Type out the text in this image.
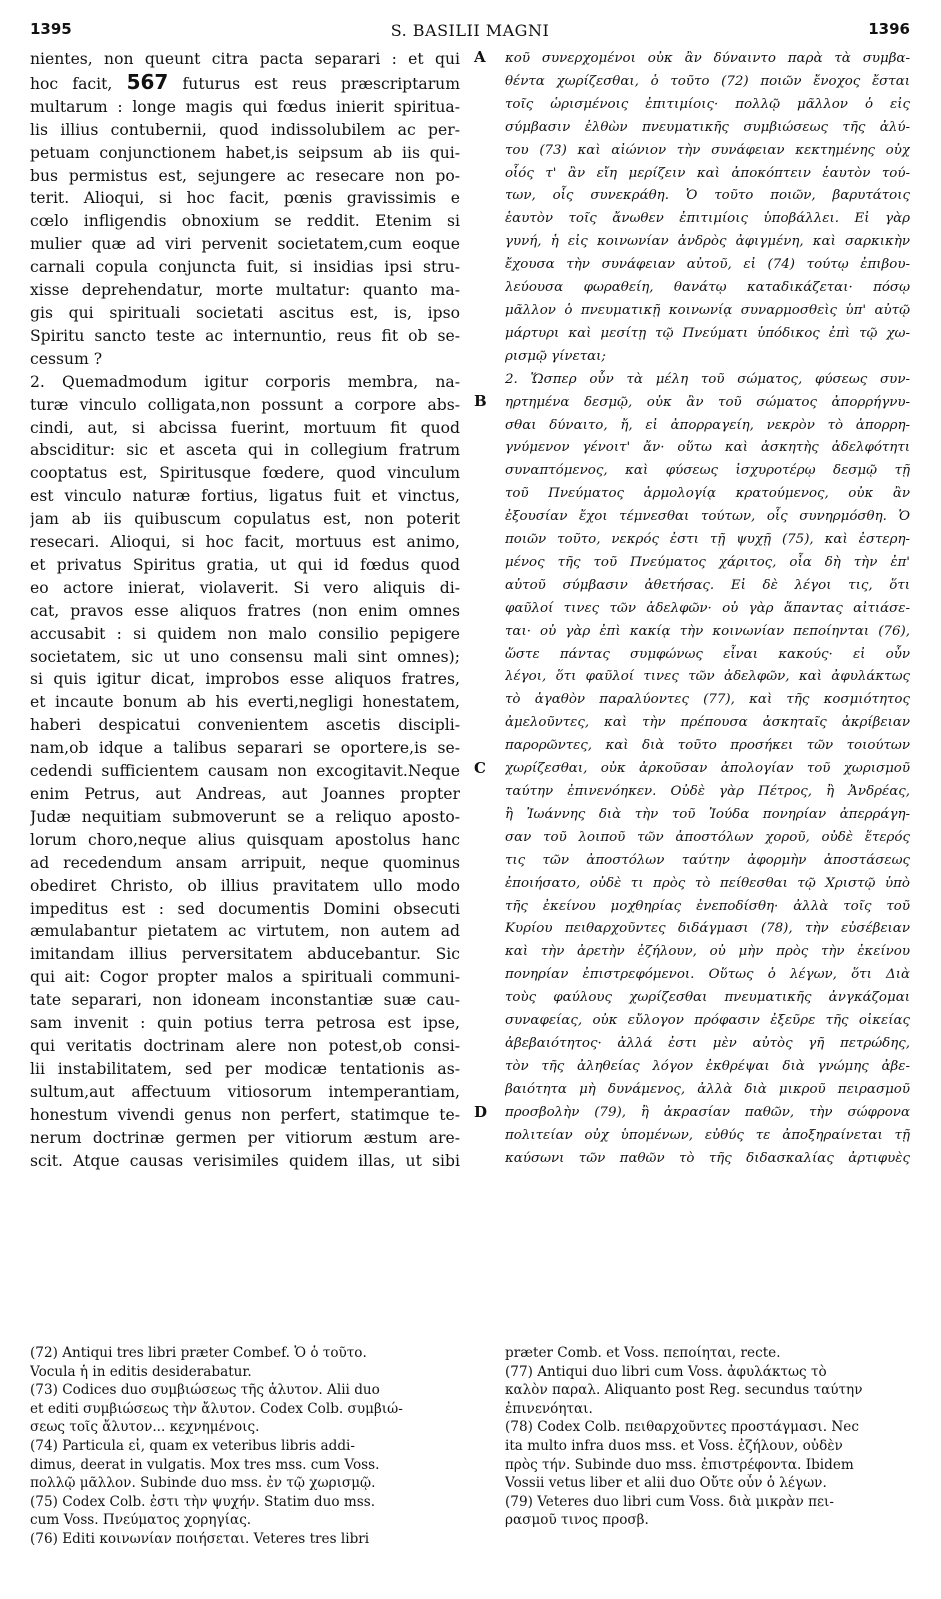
1395	S. BASILII MAGNI	1396
nientes, non queunt citra pacta separari : et qui
hoc facit, 567 futurus est reus præscriptarum
multarum : longe magis qui fœdus inierit spiritua-
lis illius contubernii, quod indissolubilem ac per-
petuam conjunctionem habet,is seipsum ab iis qui-
bus permistus est, sejungere ac resecare non po-
terit. Alioqui, si hoc facit, pœnis gravissimis e
cœlo infligendis obnoxium se reddit. Etenim si
mulier quæ ad viri pervenit societatem,cum eoque
carnali copula conjuncta fuit, si insidias ipsi stru-
xisse deprehendatur, morte multatur: quanto ma-
gis qui spirituali societati ascitus est, is, ipso
Spiritu sancto teste ac internuntio, reus fit ob se-
cessum ?
2. Quemadmodum igitur corporis membra, na-
turæ vinculo colligata,non possunt a corpore abs-
cindi, aut, si abcissa fuerint, mortuum fit quod
absciditur: sic et asceta qui in collegium fratrum
cooptatus est, Spiritusque fœdere, quod vinculum
est vinculo naturæ fortius, ligatus fuit et vinctus,
jam ab iis quibuscum copulatus est, non poterit
resecari. Alioqui, si hoc facit, mortuus est animo,
et privatus Spiritus gratia, ut qui id fœdus quod
eo actore inierat, violaverit. Si vero aliquis di-
cat, pravos esse aliquos fratres (non enim omnes
accusabit : si quidem non malo consilio pepigere
societatem, sic ut uno consensu mali sint omnes);
si quis igitur dicat, improbos esse aliquos fratres,
et incaute bonum ab his everti,negligi honestatem,
haberi despicatui convenientem ascetis discipli-
nam,ob idque a talibus separari se oportere,is se-
cedendi sufficientem causam non excogitavit.Neque
enim Petrus, aut Andreas, aut Joannes propter
Judæ nequitiam submoverunt se a reliquo aposto-
lorum choro,neque alius quisquam apostolus hanc
ad recedendum ansam arripuit, neque quominus
obediret Christo, ob illius pravitatem ullo modo
impeditus est : sed documentis Domini obsecuti
æmulabantur pietatem ac virtutem, non autem ad
imitandam illius perversitatem abducebantur. Sic
qui ait: Cogor propter malos a spirituali communi-
tate separari, non idoneam inconstantiæ suæ cau-
sam invenit : quin potius terra petrosa est ipse,
qui veritatis doctrinam alere non potest,ob consi-
lii instabilitatem, sed per modicæ tentationis as-
sultum,aut affectuum vitiosorum intemperantiam,
honestum vivendi genus non perfert, statimque te-
nerum doctrinæ germen per vitiorum æstum are-
scit. Atque causas verisimiles quidem illas, ut sibi
κοῦ συνερχομένοι οὐκ ἂν δύναιντο παρὰ τὰ συμβα-
θέντα χωρίζεσθαι, ὁ τοῦτο (72) ποιῶν ἔνοχος ἔσται
τοῖς ὡρισμένοις ἐπιτιμίοις· πολλῷ μᾶλλον ὁ εἰς
σύμβασιν ἐλθὼν πνευματικῆς συμβιώσεως τῆς ἀλύ-
του (73) καὶ αἰώνιον τὴν συνάφειαν κεκτημένης οὐχ
οἷός τ' ἂν εἴη μερίζειν καὶ ἀποκόπτειν ἑαυτὸν τού-
των, οἷς συνεκράθη. Ὁ τοῦτο ποιῶν, βαρυτάτοις
ἑαυτὸν τοῖς ἄνωθεν ἐπιτιμίοις ὑποβάλλει. Εἰ γὰρ
γυνή, ἡ εἰς κοινωνίαν ἀνδρὸς ἀφιγμένη, καὶ σαρκικὴν
ἔχουσα τὴν συνάφειαν αὐτοῦ, εἰ (74) τούτῳ ἐπιβου-
λεύουσα φωραθείη, θανάτῳ καταδικάζεται· πόσῳ
μᾶλλον ὁ πνευματικῇ κοινωνίᾳ συναρμοσθεὶς ὑπ' αὐτῷ
μάρτυρι καὶ μεσίτῃ τῷ Πνεύματι ὑπόδικος ἐπὶ τῷ χω-
ρισμῷ γίνεται;
2. Ὥσπερ οὖν τὰ μέλη τοῦ σώματος, φύσεως συν-
ηρτημένα δεσμῷ, οὐκ ἂν τοῦ σώματος ἀπορρήγνυ-
σθαι δύναιτο, ἤ, εἰ ἀπορραγείη, νεκρὸν τὸ ἀπορρη-
γνύμενον γένοιτ' ἄν· οὕτω καὶ ἀσκητὴς ἀδελφότητι
συναπτόμενος, καὶ φύσεως ἰσχυροτέρῳ δεσμῷ τῇ
τοῦ Πνεύματος ἁρμολογίᾳ κρατούμενος, οὐκ ἂν
ἐξουσίαν ἔχοι τέμνεσθαι τούτων, οἷς συνηρμόσθη. Ὁ
ποιῶν τοῦτο, νεκρός ἐστι τῇ ψυχῇ (75), καὶ ἐστερη-
μένος τῆς τοῦ Πνεύματος χάριτος, οἷα δὴ τὴν ἐπ'
αὐτοῦ σύμβασιν ἀθετήσας. Εἰ δὲ λέγοι τις, ὅτι
φαῦλοί τινες τῶν ἀδελφῶν· οὐ γὰρ ἅπαντας αἰτιάσε-
ται· οὐ γὰρ ἐπὶ κακίᾳ τὴν κοινωνίαν πεποίηνται (76),
ὥστε πάντας συμφώνως εἶναι κακούς· εἰ οὖν
λέγοι, ὅτι φαῦλοί τινες τῶν ἀδελφῶν, καὶ ἀφυλάκτως
τὸ ἀγαθὸν παραλύοντες (77), καὶ τῆς κοσμιότητος
ἀμελοῦντες, καὶ τὴν πρέπουσα ἀσκηταῖς ἀκρίβειαν
παρορῶντες, καὶ διὰ τοῦτο προσήκει τῶν τοιούτων
χωρίζεσθαι, οὐκ ἀρκοῦσαν ἀπολογίαν τοῦ χωρισμοῦ
ταύτην ἐπινενόηκεν. Οὐδὲ γὰρ Πέτρος, ἢ Ἀνδρέας,
ἢ Ἰωάννης διὰ τὴν τοῦ Ἰούδα πονηρίαν ἀπερράγη-
σαν τοῦ λοιποῦ τῶν ἀποστόλων χοροῦ, οὐδὲ ἕτερός
τις τῶν ἀποστόλων ταύτην ἀφορμὴν ἀποστάσεως
ἐποιήσατο, οὐδὲ τι πρὸς τὸ πείθεσθαι τῷ Χριστῷ ὑπὸ
τῆς ἐκείνου μοχθηρίας ἐνεποδίσθη· ἀλλὰ τοῖς τοῦ
Κυρίου πειθαρχοῦντες διδάγμασι (78), τὴν εὐσέβειαν
καὶ τὴν ἀρετὴν ἐζήλουν, οὐ μὴν πρὸς τὴν ἐκείνου
πονηρίαν ἐπιστρεφόμενοι. Οὕτως ὁ λέγων, ὅτι Διὰ
τοὺς φαύλους χωρίζεσθαι πνευματικῆς ἀνγκάζομαι
συναφείας, οὐκ εὔλογον πρόφασιν ἐξεῦρε τῆς οἰκείας
ἀβεβαιότητος· ἀλλά ἐστι μὲν αὐτὸς γῆ πετρώδης,
τὸν τῆς ἀληθείας λόγον ἐκθρέψαι διὰ γνώμης ἀβε-
βαιότητα μὴ δυνάμενος, ἀλλὰ διὰ μικροῦ πειρασμοῦ
προσβολὴν (79), ἢ ἀκρασίαν παθῶν, τὴν σώφρονα
πολιτείαν οὐχ ὑπομένων, εὐθύς τε ἀποξηραίνεται τῇ
καύσωνι τῶν παθῶν τὸ τῆς διδασκαλίας ἀρτιφυὲς
A
B
C
D
(72) Antiqui tres libri præter Combef. Ὁ ὁ τοῦτο.
Vocula ἡ in editis desiderabatur.
(73) Codices duo συμβιώσεως τῆς ἀλυτον. Alii duo
et editi συμβιώσεως τὴν ἄλυτον. Codex Colb. συμβιώ-
σεως τοῖς ἄλυτον... κεχνημένοις.
(74) Particula εἰ, quam ex veteribus libris addi-
dimus, deerat in vulgatis. Mox tres mss. cum Voss.
πολλῷ μᾶλλον. Subinde duo mss. ἐν τῷ χωρισμῷ.
(75) Codex Colb. ἐστι τὴν ψυχήν. Statim duo mss.
cum Voss. Πνεύματος χορηγίας.
(76) Editi κοινωνίαν ποιήσεται. Veteres tres libri
præter Comb. et Voss. πεποίηται, recte.
(77) Antiqui duo libri cum Voss. ἀφυλάκτως τὸ
καλὸν παραλ. Aliquanto post Reg. secundus ταύτην
ἐπινενόηται.
(78) Codex Colb. πειθαρχοῦντες προστάγμασι. Nec
ita multo infra duos mss. et Voss. ἐζήλουν, οὐδὲν
πρὸς τήν. Subinde duo mss. ἐπιστρέφοντα. Ibidem
Vossii vetus liber et alii duo Οὔτε οὖν ὁ λέγων.
(79) Veteres duo libri cum Voss. διὰ μικρὰν πει-
ρασμοῦ τινος προσβ.
